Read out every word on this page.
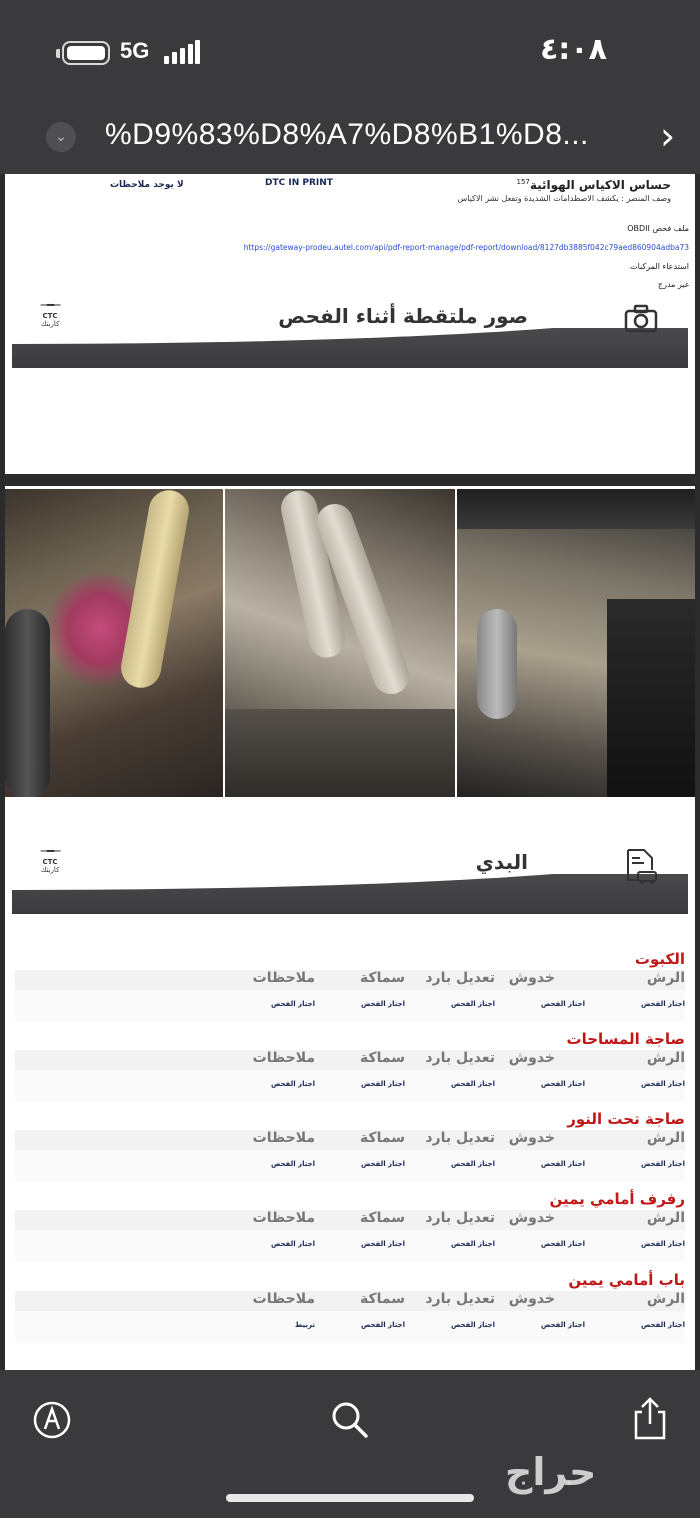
5G	٤:٠٨
⌄	%D9%83%D8%A7%D8%B1%D8... ›
حساس الاكياس الهوائية$^{157}$
وصف المنصر : يكشف الاصطدامات الشديدة وتفعل نشر الاكياس
DTC IN PRINT
لا يوجد ملاحظات
ملف فحص OBDII
https://gateway-prodeu.autel.com/api/pdf-report-manage/pdf-report/download/8127db3885f042c79aed860904adba73
استدعاء المركبات
غير مدرج
صور ملتقطة أثناء الفحص
─━─
CTC
كاربتك
البدي
─━─
CTC
كاربتك
الكبوت
الرش
خدوش
تعديل بارد
سماكة
ملاحظات
اجتاز الفحص
اجتاز الفحص
اجتاز الفحص
اجتاز الفحص
اجتاز الفحص
صاجة المساحات
الرش
خدوش
تعديل بارد
سماكة
ملاحظات
اجتاز الفحص
اجتاز الفحص
اجتاز الفحص
اجتاز الفحص
اجتاز الفحص
صاجة تحت النور
الرش
خدوش
تعديل بارد
سماكة
ملاحظات
اجتاز الفحص
اجتاز الفحص
اجتاز الفحص
اجتاز الفحص
اجتاز الفحص
رفرف أمامي يمين
الرش
خدوش
تعديل بارد
سماكة
ملاحظات
اجتاز الفحص
اجتاز الفحص
اجتاز الفحص
اجتاز الفحص
اجتاز الفحص
باب أمامي يمين
الرش
خدوش
تعديل بارد
سماكة
ملاحظات
اجتاز الفحص
اجتاز الفحص
اجتاز الفحص
اجتاز الفحص
تربيط
حراج
